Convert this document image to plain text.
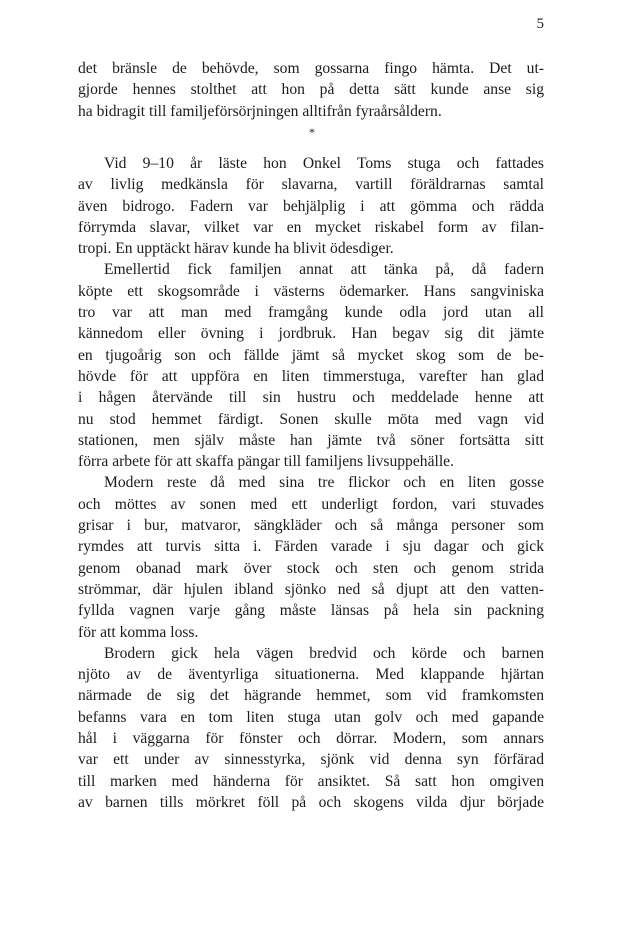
5
det bränsle de behövde, som gossarna fingo hämta. Det ut-
gjorde hennes stolthet att hon på detta sätt kunde anse sig
ha bidragit till familjeförsörjningen alltifrån fyraårsåldern.
*
Vid 9–10 år läste hon Onkel Toms stuga och fattades
av livlig medkänsla för slavarna, vartill föräldrarnas samtal
även bidrogo. Fadern var behjälplig i att gömma och rädda
förrymda slavar, vilket var en mycket riskabel form av filan-
tropi. En upptäckt härav kunde ha blivit ödesdiger.
Emellertid fick familjen annat att tänka på, då fadern
köpte ett skogsområde i västerns ödemarker. Hans sangviniska
tro var att man med framgång kunde odla jord utan all
kännedom eller övning i jordbruk. Han begav sig dit jämte
en tjugoårig son och fällde jämt så mycket skog som de be-
hövde för att uppföra en liten timmerstuga, varefter han glad
i hågen återvände till sin hustru och meddelade henne att
nu stod hemmet färdigt. Sonen skulle möta med vagn vid
stationen, men själv måste han jämte två söner fortsätta sitt
förra arbete för att skaffa pängar till familjens livsuppehälle.
Modern reste då med sina tre flickor och en liten gosse
och möttes av sonen med ett underligt fordon, vari stuvades
grisar i bur, matvaror, sängkläder och så många personer som
rymdes att turvis sitta i. Färden varade i sju dagar och gick
genom obanad mark över stock och sten och genom strida
strömmar, där hjulen ibland sjönko ned så djupt att den vatten-
fyllda vagnen varje gång måste länsas på hela sin packning
för att komma loss.
Brodern gick hela vägen bredvid och körde och barnen
njöto av de äventyrliga situationerna. Med klappande hjärtan
närmade de sig det hägrande hemmet, som vid framkomsten
befanns vara en tom liten stuga utan golv och med gapande
hål i väggarna för fönster och dörrar. Modern, som annars
var ett under av sinnesstyrka, sjönk vid denna syn förfärad
till marken med händerna för ansiktet. Så satt hon omgiven
av barnen tills mörkret föll på och skogens vilda djur började
